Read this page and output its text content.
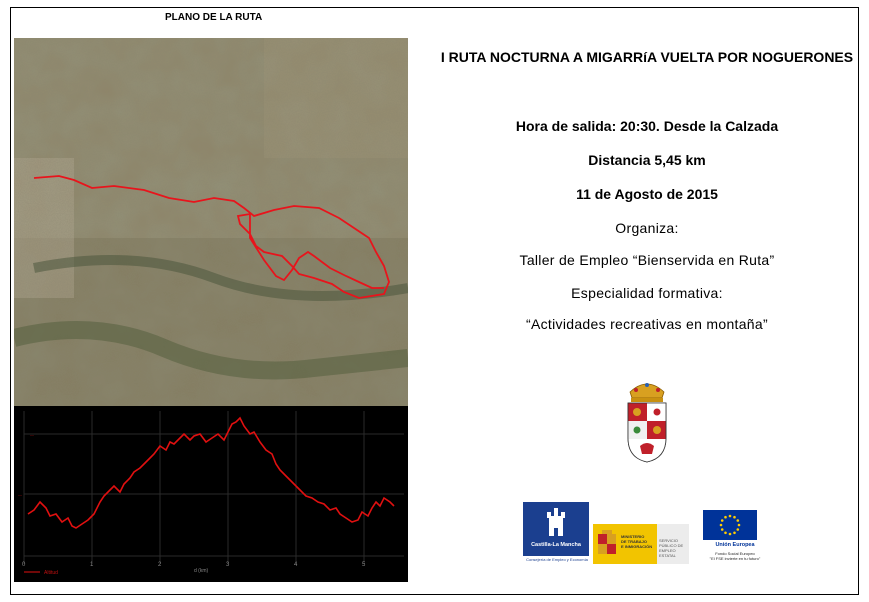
PLANO DE LA RUTA
—
—
0	1	2	3	4	5
d (km)
Altitud
I RUTA NOCTURNA A MIGARRíA VUELTA POR NOGUERONES
Hora de salida: 20:30. Desde la Calzada
Distancia 5,45 km
11 de Agosto de 2015
Organiza:
Taller de Empleo “Bienservida en Ruta”
Especialidad formativa:
“Actividades recreativas en montaña”
Castilla-La Mancha
Consejería de Empleo y Economía
MINISTERIO
DE TRABAJO
E INMIGRACIÓN
SERVICIO PÚBLICO DE EMPLEO ESTATAL
Unión Europea
Fondo Social Europeo
"El FSE invierte en tu futuro"
